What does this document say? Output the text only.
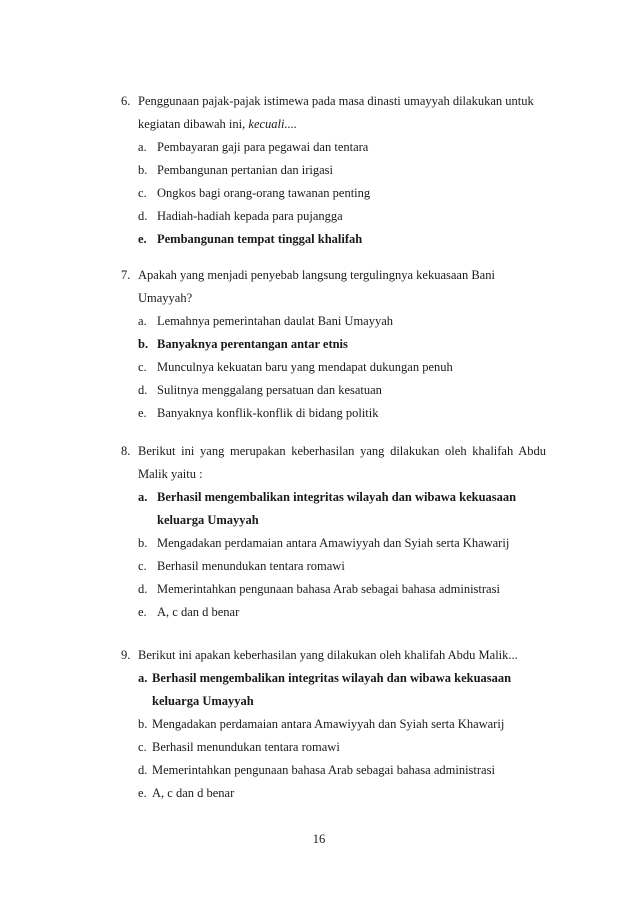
6. Penggunaan pajak-pajak istimewa pada masa dinasti umayyah dilakukan untuk kegiatan dibawah ini, kecuali....
a. Pembayaran gaji para pegawai dan tentara
b. Pembangunan pertanian dan irigasi
c. Ongkos bagi orang-orang tawanan penting
d. Hadiah-hadiah kepada para pujangga
e. Pembangunan tempat tinggal khalifah
7. Apakah yang menjadi penyebab langsung tergulingnya kekuasaan Bani Umayyah?
a. Lemahnya pemerintahan daulat Bani Umayyah
b. Banyaknya perentangan antar etnis
c. Munculnya kekuatan baru yang mendapat dukungan penuh
d. Sulitnya menggalang persatuan dan kesatuan
e. Banyaknya konflik-konflik di bidang politik
8. Berikut ini yang merupakan keberhasilan yang dilakukan oleh khalifah Abdu Malik yaitu :
a. Berhasil mengembalikan integritas wilayah dan wibawa kekuasaan keluarga Umayyah
b. Mengadakan perdamaian antara Amawiyyah dan Syiah serta Khawarij
c. Berhasil menundukan tentara romawi
d. Memerintahkan pengunaan bahasa Arab sebagai bahasa administrasi
e. A, c dan d benar
9. Berikut ini apakan keberhasilan yang dilakukan oleh khalifah Abdu Malik...
a. Berhasil mengembalikan integritas wilayah dan wibawa kekuasaan keluarga Umayyah
b. Mengadakan perdamaian antara Amawiyyah dan Syiah serta Khawarij
c. Berhasil menundukan tentara romawi
d. Memerintahkan pengunaan bahasa Arab sebagai bahasa administrasi
e. A, c dan d benar
16
